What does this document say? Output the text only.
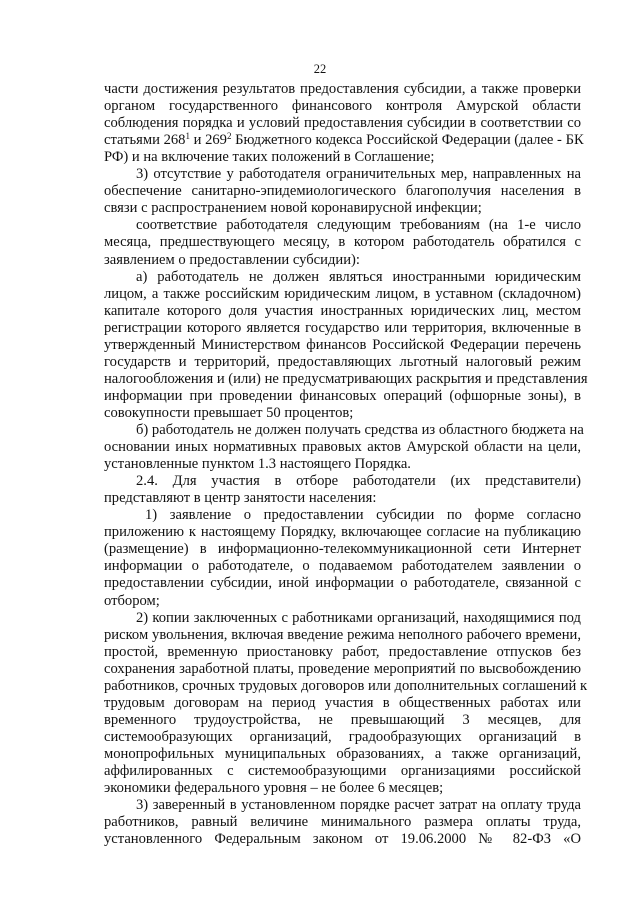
22
части достижения результатов предоставления субсидии, а также проверки
органом государственного финансового контроля Амурской области
соблюдения порядка и условий предоставления субсидии в соответствии со
статьями $268^1$ и $269^2$ Бюджетного кодекса Российской Федерации (далее - БК
РФ) и на включение таких положений в Соглашение;
3) отсутствие у работодателя ограничительных мер, направленных на
обеспечение санитарно-эпидемиологического благополучия населения в
связи с распространением новой коронавирусной инфекции;
соответствие работодателя следующим требованиям (на 1-е число
месяца, предшествующего месяцу, в котором работодатель обратился с
заявлением о предоставлении субсидии):
а) работодатель не должен являться иностранными юридическим
лицом, а также российским юридическим лицом, в уставном (складочном)
капитале которого доля участия иностранных юридических лиц, местом
регистрации которого является государство или территория, включенные в
утвержденный Министерством финансов Российской Федерации перечень
государств и территорий, предоставляющих льготный налоговый режим
налогообложения и (или) не предусматривающих раскрытия и представления
информации при проведении финансовых операций (офшорные зоны), в
совокупности превышает 50 процентов;
б) работодатель не должен получать средства из областного бюджета на
основании иных нормативных правовых актов Амурской области на цели,
установленные пунктом 1.3 настоящего Порядка.
2.4. Для участия в отборе работодатели (их представители)
представляют в центр занятости населения:
1) заявление о предоставлении субсидии по форме согласно
приложению к настоящему Порядку, включающее согласие на публикацию
(размещение) в информационно-телекоммуникационной сети Интернет
информации о работодателе, о подаваемом работодателем заявлении о
предоставлении субсидии, иной информации о работодателе, связанной с
отбором;
2) копии заключенных с работниками организаций, находящимися под
риском увольнения, включая введение режима неполного рабочего времени,
простой, временную приостановку работ, предоставление отпусков без
сохранения заработной платы, проведение мероприятий по высвобождению
работников, срочных трудовых договоров или дополнительных соглашений к
трудовым договорам на период участия в общественных работах или
временного трудоустройства, не превышающий 3 месяцев, для
системообразующих организаций, градообразующих организаций в
монопрофильных муниципальных образованиях, а также организаций,
аффилированных с системообразующими организациями российской
экономики федерального уровня – не более 6 месяцев;
3) заверенный в установленном порядке расчет затрат на оплату труда
работников, равный величине минимального размера оплаты труда,
установленного Федеральным законом от 19.06.2000 № 82-ФЗ «О
